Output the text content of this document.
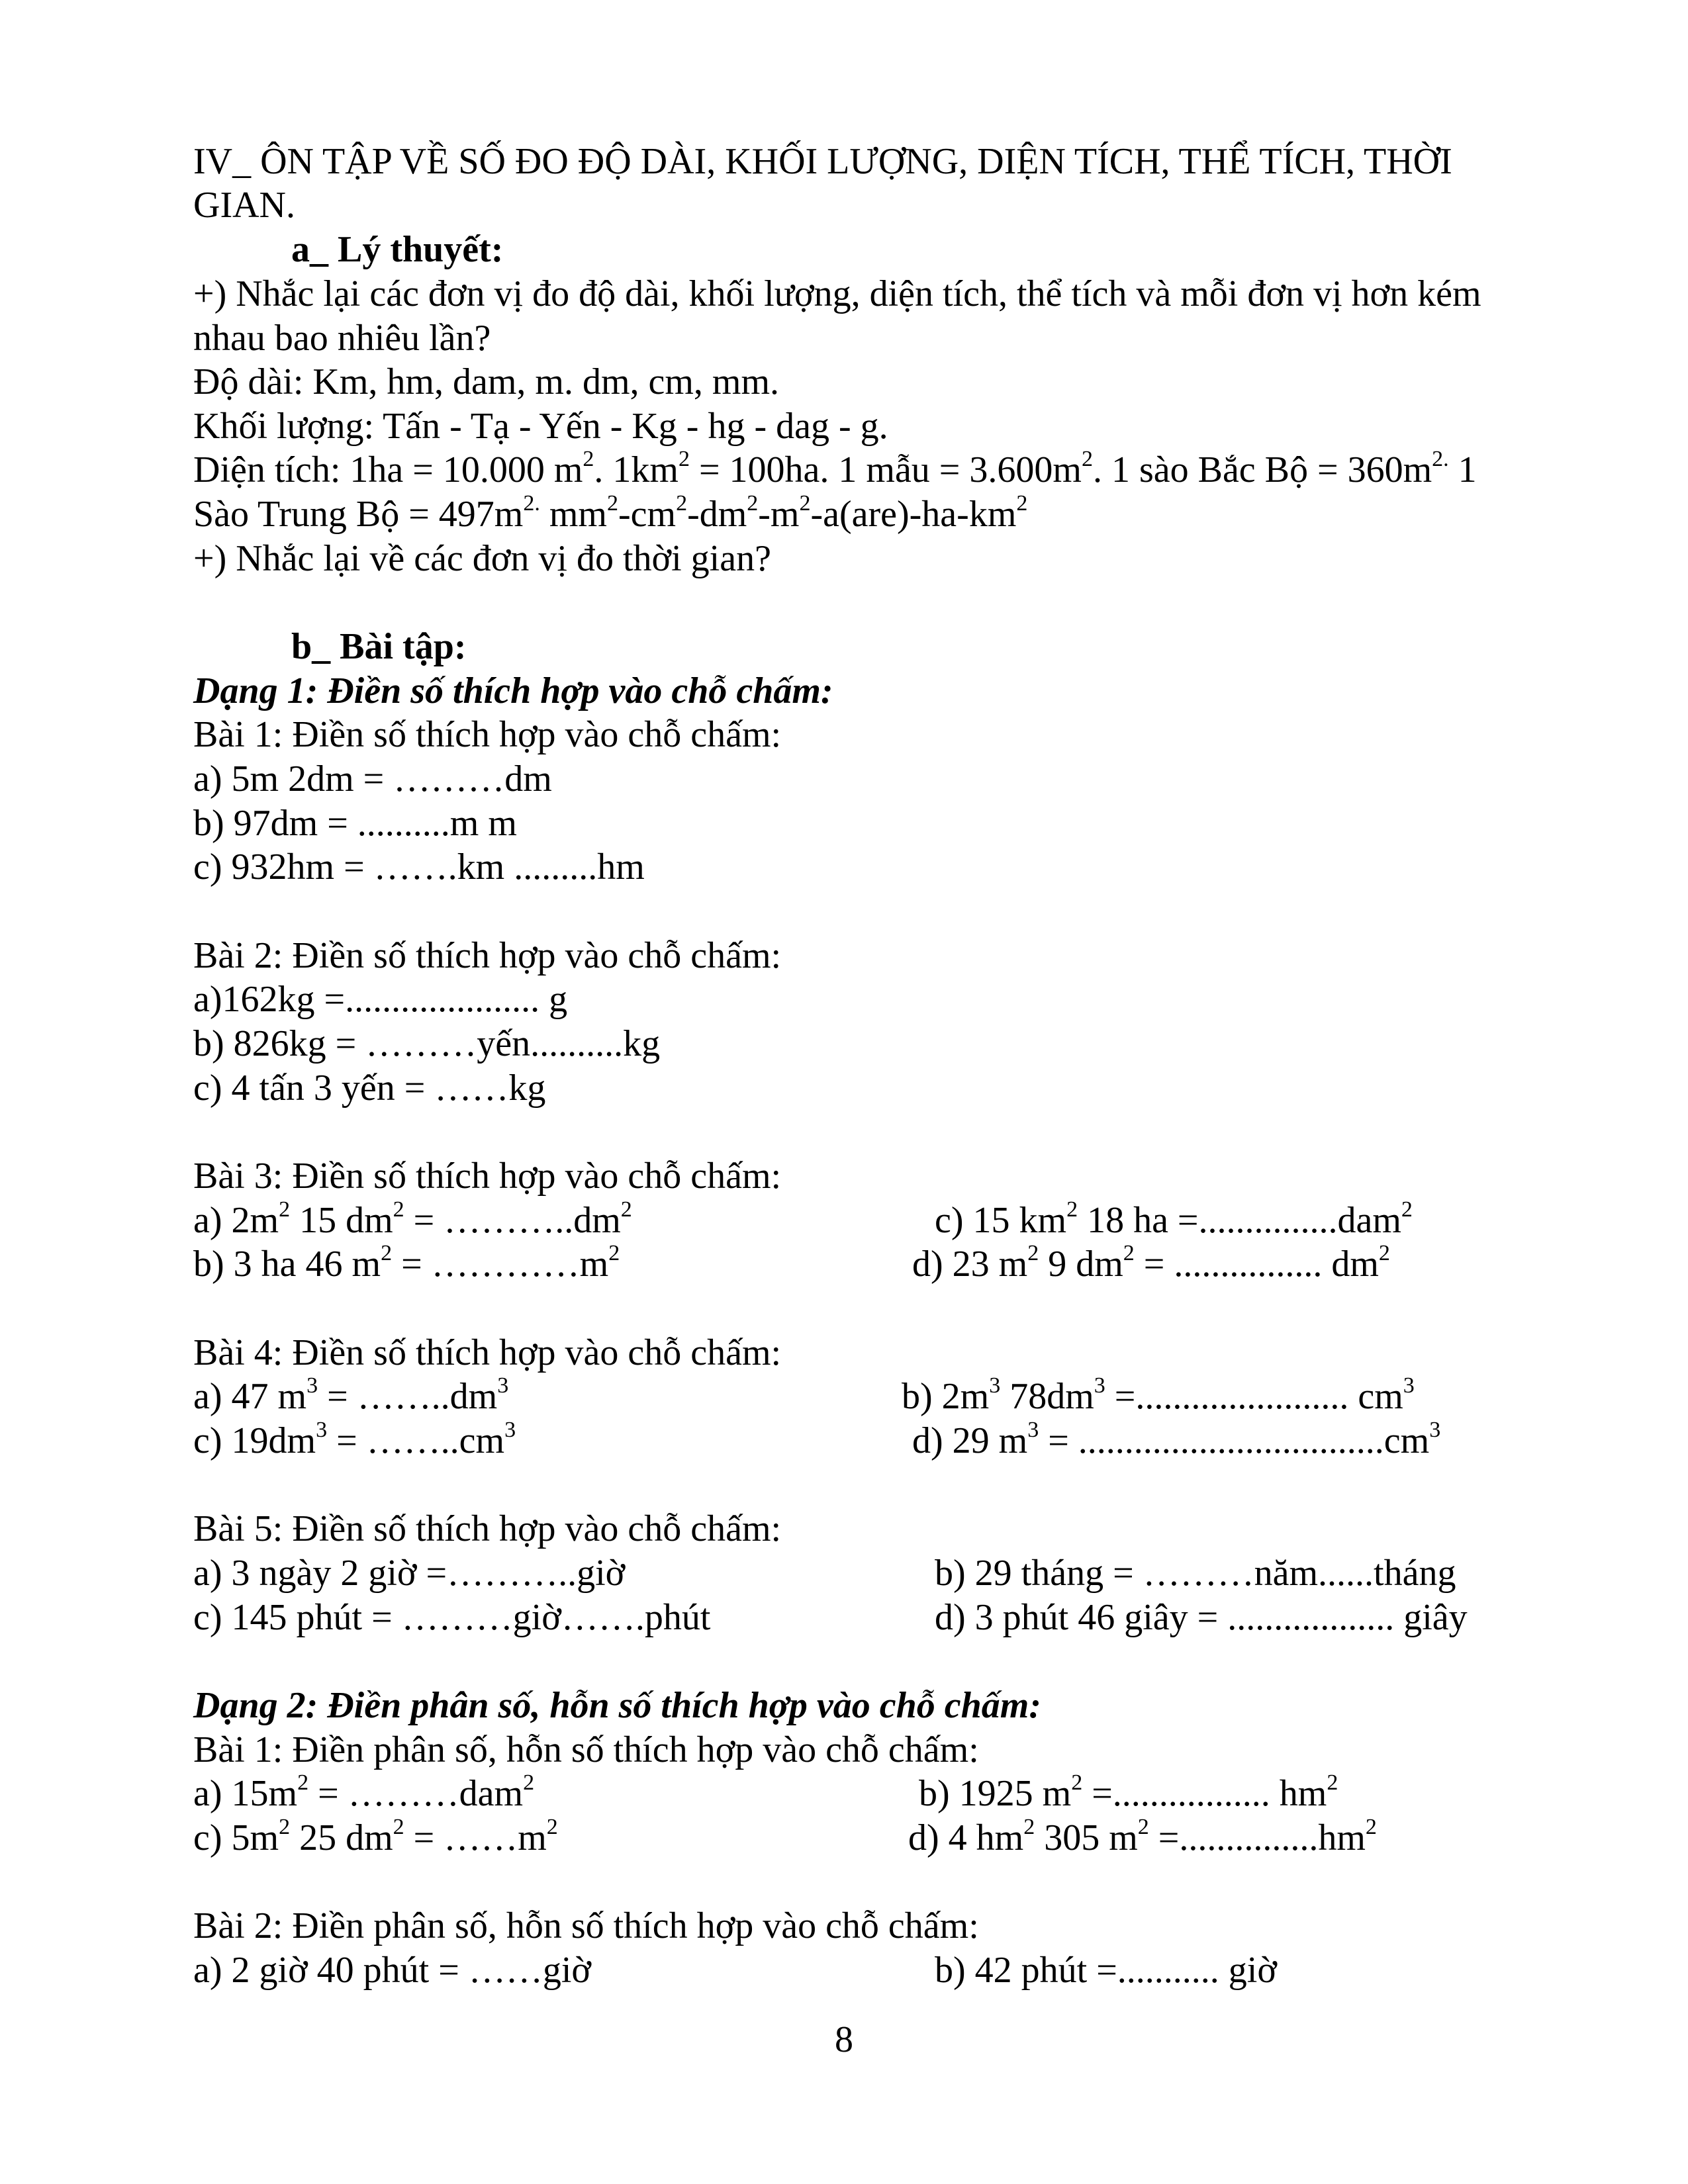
IV_ ÔN TẬP VỀ SỐ ĐO ĐỘ DÀI, KHỐI LƯỢNG, DIỆN TÍCH, THỂ TÍCH, THỜI
GIAN.
a_ Lý thuyết:
+) Nhắc lại các đơn vị đo độ dài, khối lượng, diện tích, thể tích và mỗi đơn vị hơn kém
nhau bao nhiêu lần?
Độ dài: Km, hm, dam, m. dm, cm, mm.
Khối lượng: Tấn - Tạ - Yến - Kg - hg - dag - g.
Diện tích: 1ha = 10.000 $m^2$. $1km^2 = 100ha$. 1 mẫu = $3.600m^2$. 1 sào Bắc Bộ = $360m^{2.}$ 1
Sào Trung Bộ = $497m^{2.}$ $mm^2-cm^2-dm^2-m^2-a(are)-ha-km^2$
+) Nhắc lại về các đơn vị đo thời gian?
b_ Bài tập:
Dạng 1: Điền số thích hợp vào chỗ chấm:
Bài 1: Điền số thích hợp vào chỗ chấm:
a) 5m 2dm = ………dm
b) 97dm = ..........m m
c) 932hm = …….km .........hm
Bài 2: Điền số thích hợp vào chỗ chấm:
a)162kg =..................... g
b) 826kg = ………yến..........kg
c) 4 tấn 3 yến = ……kg
Bài 3: Điền số thích hợp vào chỗ chấm:
a) $2m^2$ 15 $dm^2$ = $\dots\dots\dots..dm^2$	c) 15 $km^2$ 18 ha =...............dam$^2$
b) 3 ha 46 $m^2$ = $\dots\dots\dots\dots m^2$	d) 23 $m^2$ 9 $dm^2$ = ................ $dm^2$
Bài 4: Điền số thích hợp vào chỗ chấm:
a) 47 $m^3$ = $\dots\dots..dm^3$	b) $2m^3$ $78dm^3$ =....................... $cm^3$
c) $19dm^3$ = $\dots\dots..cm^3$	d) 29 $m^3 = .................................cm^3$
Bài 5: Điền số thích hợp vào chỗ chấm:
a) 3 ngày 2 giờ =………..giờ	b) 29 tháng = ………năm......tháng
c) 145 phút = ………giờ…….phút	d) 3 phút 46 giây = .................. giây
Dạng 2: Điền phân số, hỗn số thích hợp vào chỗ chấm:
Bài 1: Điền phân số, hỗn số thích hợp vào chỗ chấm:
a) $15m^2$ = ………dam$^2$	b) 1925 $m^2$ =................. $hm^2$
c) $5m^2$ 25 $dm^2$ = $\dots\dots m^2$	d) 4 $hm^2$ 305 $m^2 =...............hm^2$
Bài 2: Điền phân số, hỗn số thích hợp vào chỗ chấm:
a) 2 giờ 40 phút = ……giờ	b) 42 phút =........... giờ
8
